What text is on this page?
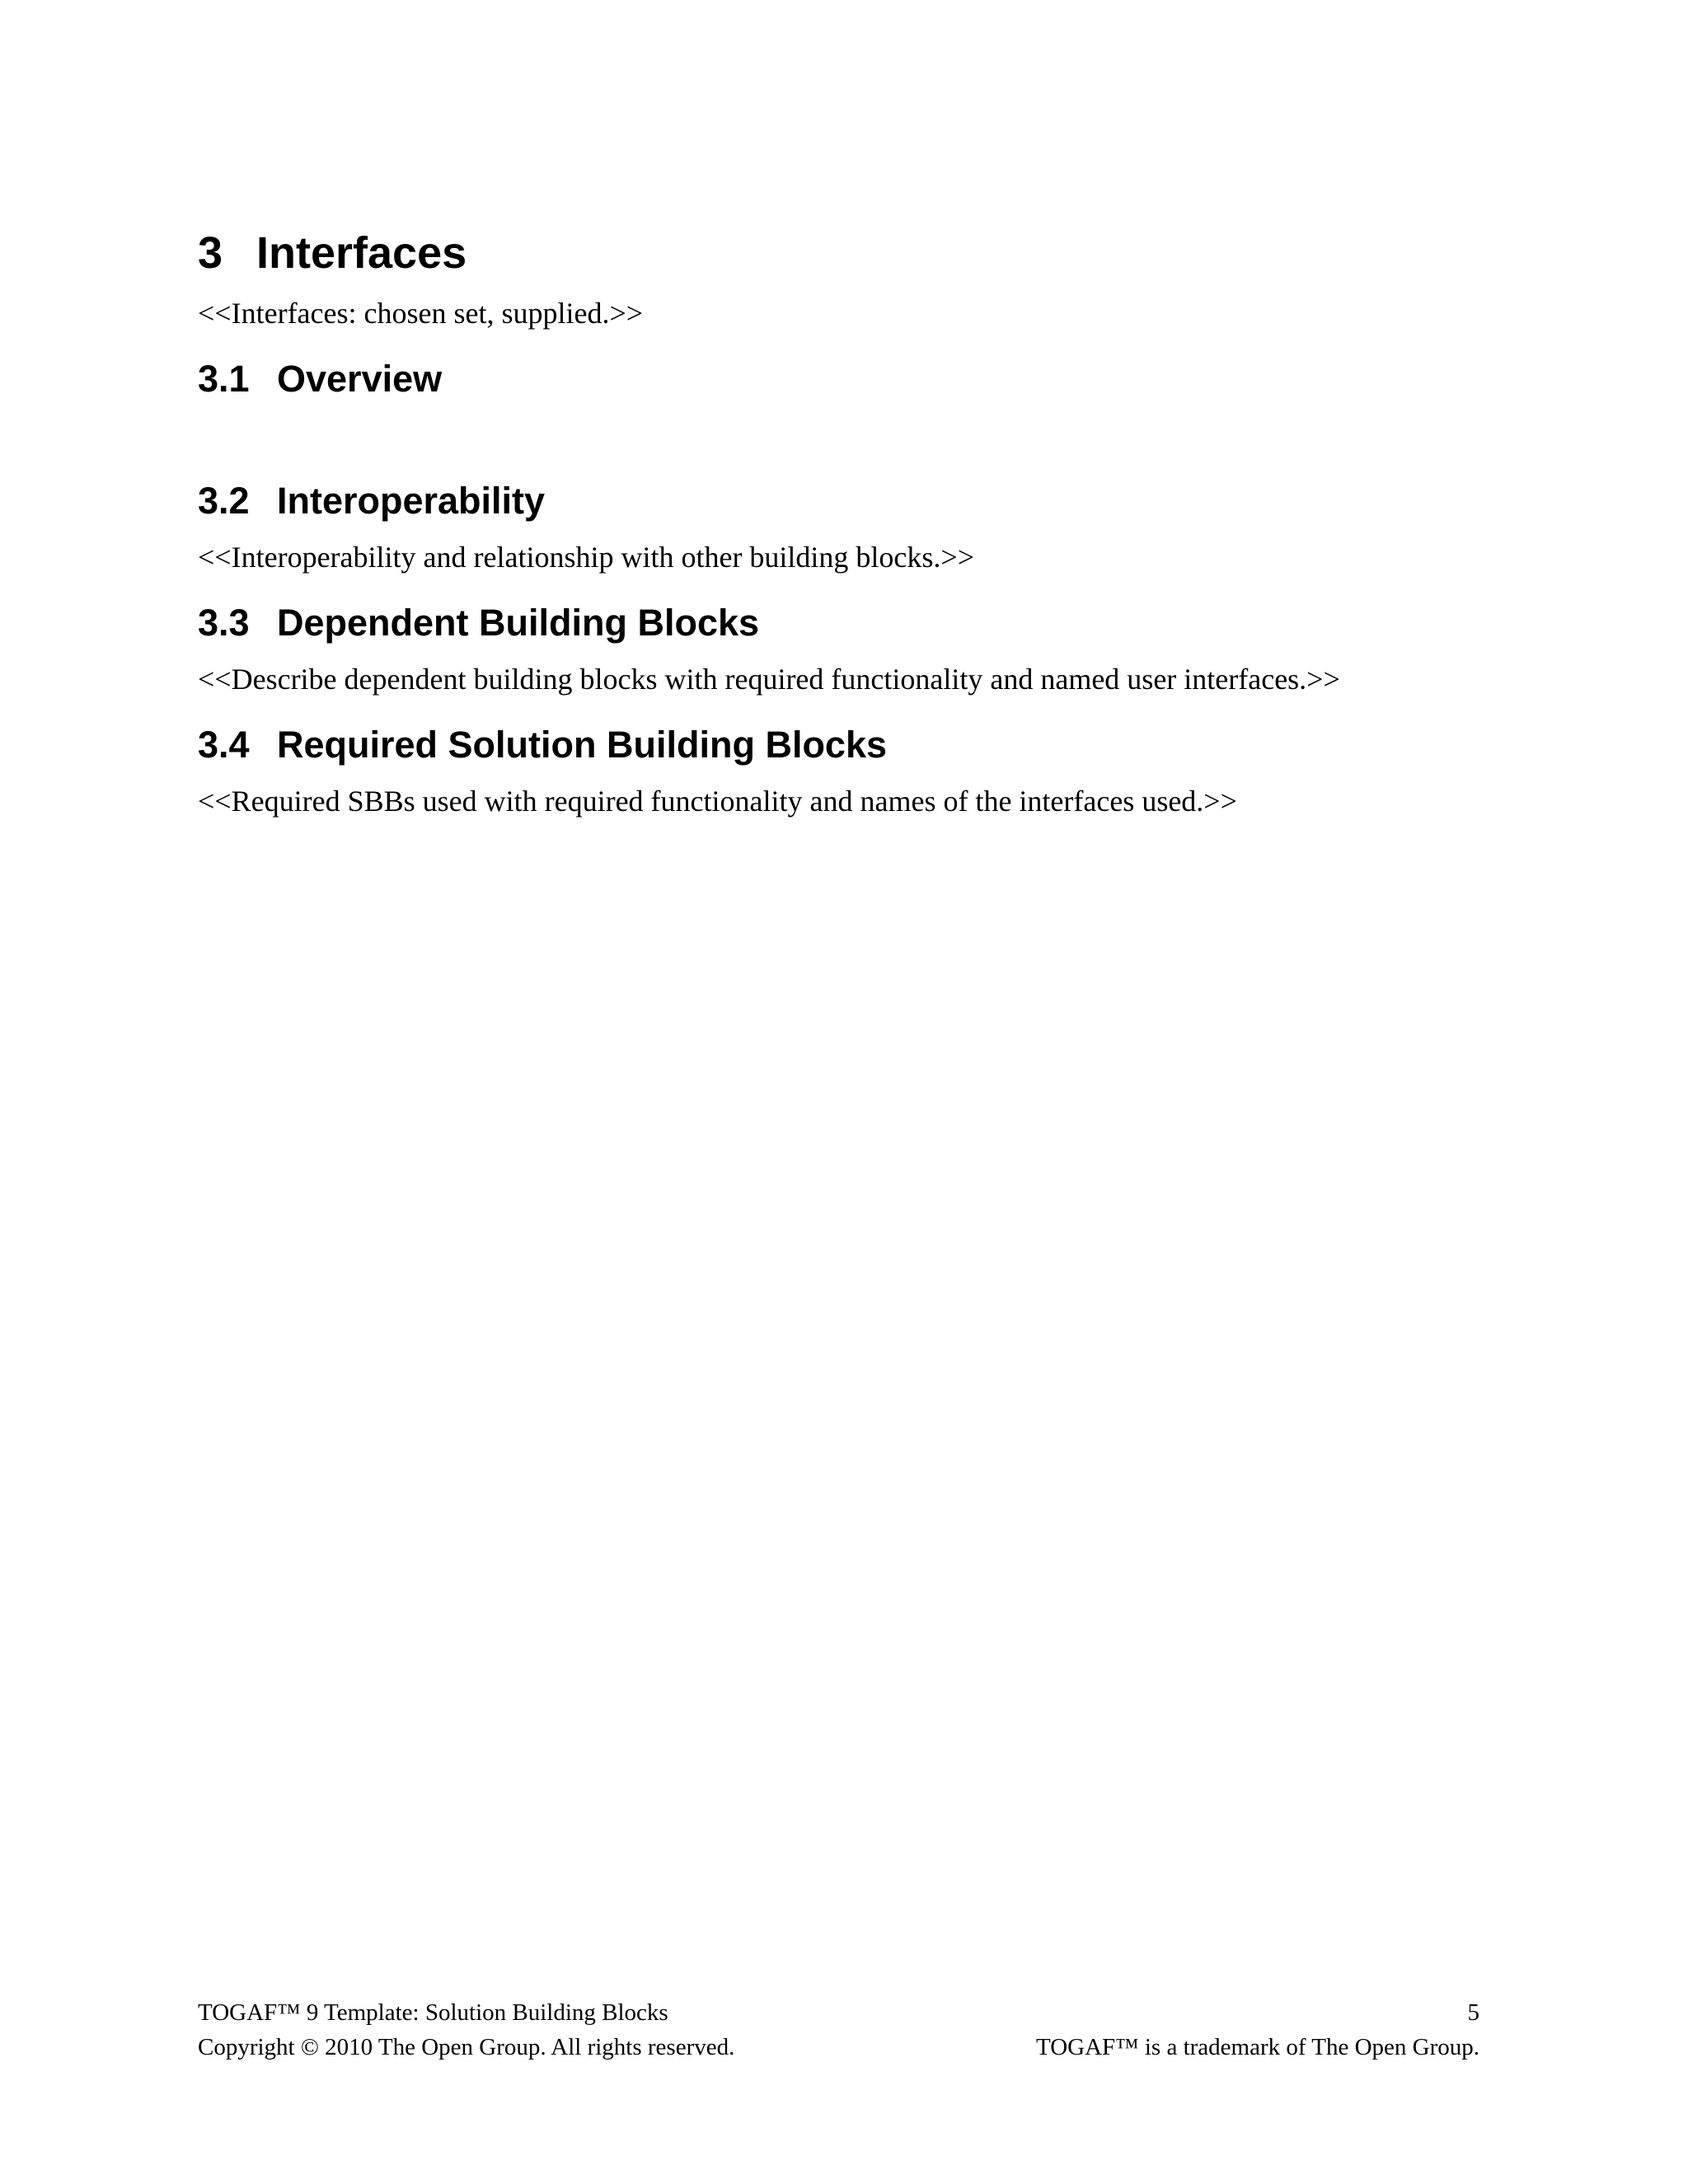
3 Interfaces
<<Interfaces: chosen set, supplied.>>
3.1 Overview
3.2 Interoperability
<<Interoperability and relationship with other building blocks.>>
3.3 Dependent Building Blocks
<<Describe dependent building blocks with required functionality and named user interfaces.>>
3.4 Required Solution Building Blocks
<<Required SBBs used with required functionality and names of the interfaces used.>>
TOGAF™ 9 Template: Solution Building Blocks	5
Copyright © 2010 The Open Group. All rights reserved.	TOGAF™ is a trademark of The Open Group.
